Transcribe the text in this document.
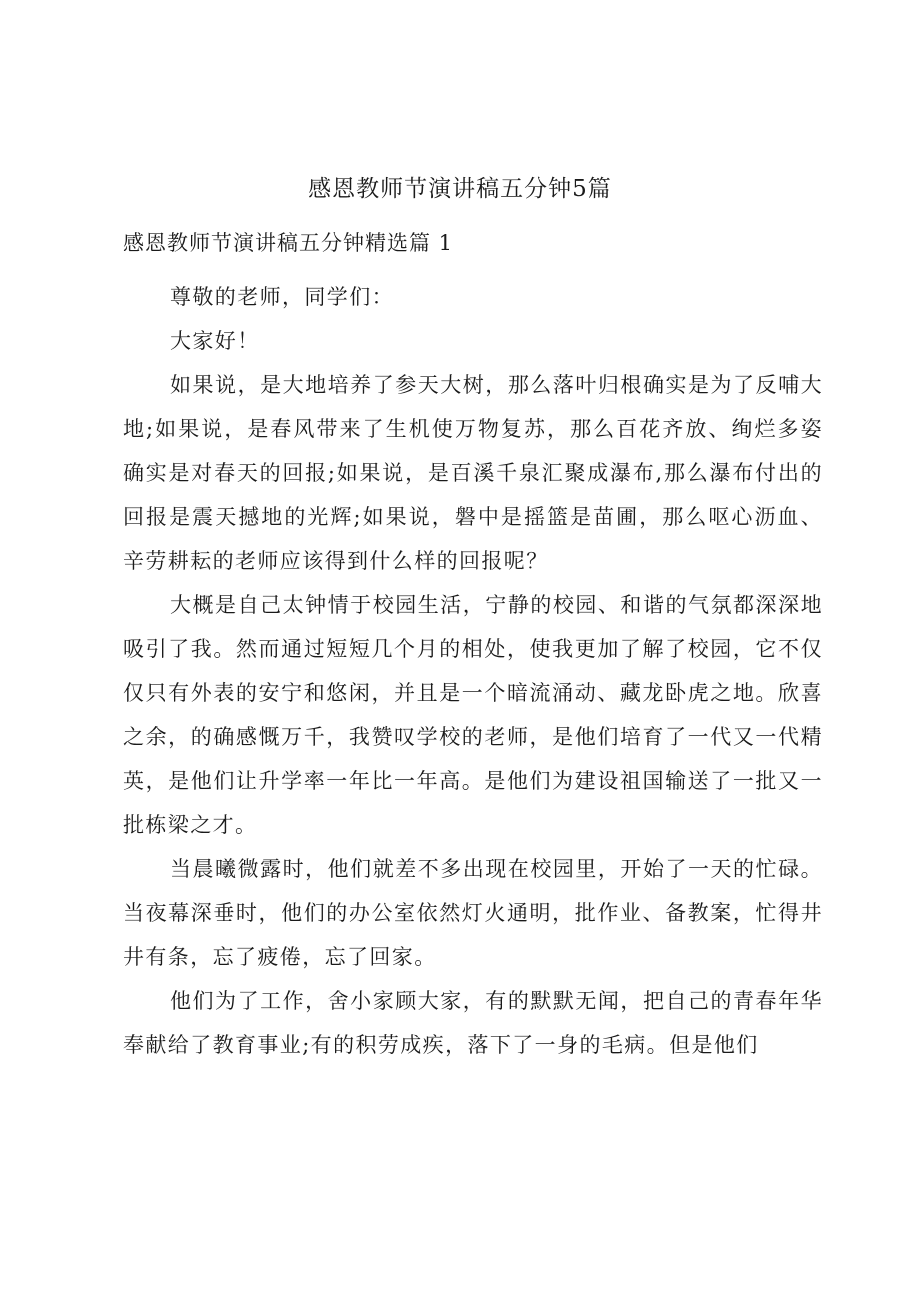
感恩教师节演讲稿五分钟5篇
感恩教师节演讲稿五分钟精选篇 1

尊敬的老师，同学们：

大家好！

如果说，是大地培养了参天大树，那么落叶归根确实是为了反哺大地;如果说，是春风带来了生机使万物复苏，那么百花齐放、绚烂多姿确实是对春天的回报;如果说，是百溪千泉汇聚成瀑布,那么瀑布付出的回报是震天撼地的光辉;如果说，磐中是摇篮是苗圃，那么呕心沥血、辛劳耕耘的老师应该得到什么样的回报呢？

大概是自己太钟情于校园生活，宁静的校园、和谐的气氛都深深地吸引了我。然而通过短短几个月的相处，使我更加了解了校园，它不仅仅只有外表的安宁和悠闲，并且是一个暗流涌动、藏龙卧虎之地。欣喜之余，的确感慨万千，我赞叹学校的老师，是他们培育了一代又一代精英，是他们让升学率一年比一年高。是他们为建设祖国输送了一批又一批栋梁之才。

当晨曦微露时，他们就差不多出现在校园里，开始了一天的忙碌。当夜幕深垂时，他们的办公室依然灯火通明，批作业、备教案，忙得井井有条，忘了疲倦，忘了回家。

他们为了工作，舍小家顾大家，有的默默无闻，把自己的青春年华奉献给了教育事业;有的积劳成疾，落下了一身的毛病。但是他们
